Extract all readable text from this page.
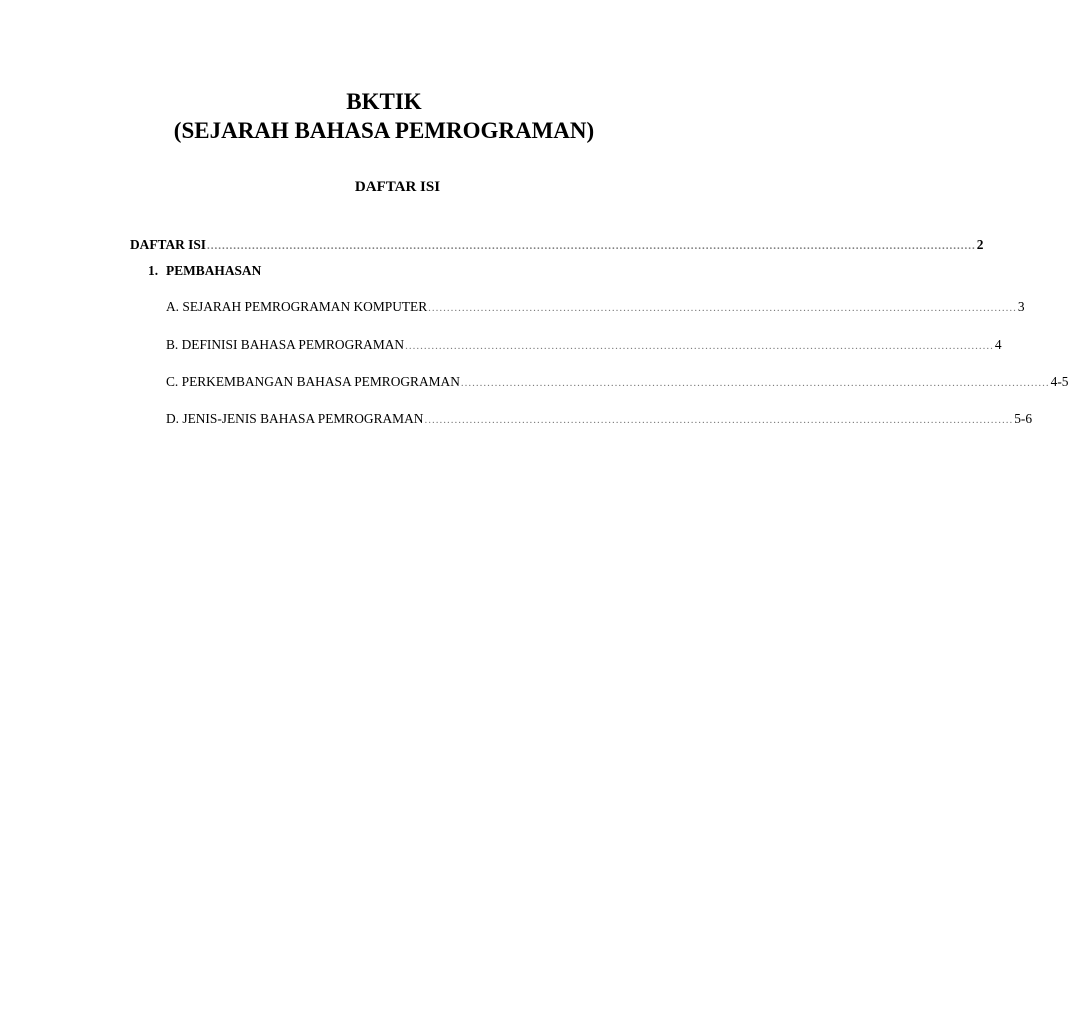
BKTIK
(SEJARAH BAHASA PEMROGRAMAN)
DAFTAR ISI
DAFTAR ISI ............................................................................................................................................................................................................. 2
1. PEMBAHASAN
A. SEJARAH PEMROGRAMAN KOMPUTER ............................................................................................................................................................. 3
B. DEFINISI BAHASA PEMROGRAMAN ............................................................................................................................................................. 4
C. PERKEMBANGAN BAHASA PEMROGRAMAN ............................................................................................................................................................. 4-5
D. JENIS-JENIS BAHASA PEMROGRAMAN ............................................................................................................................................................. 5-6
